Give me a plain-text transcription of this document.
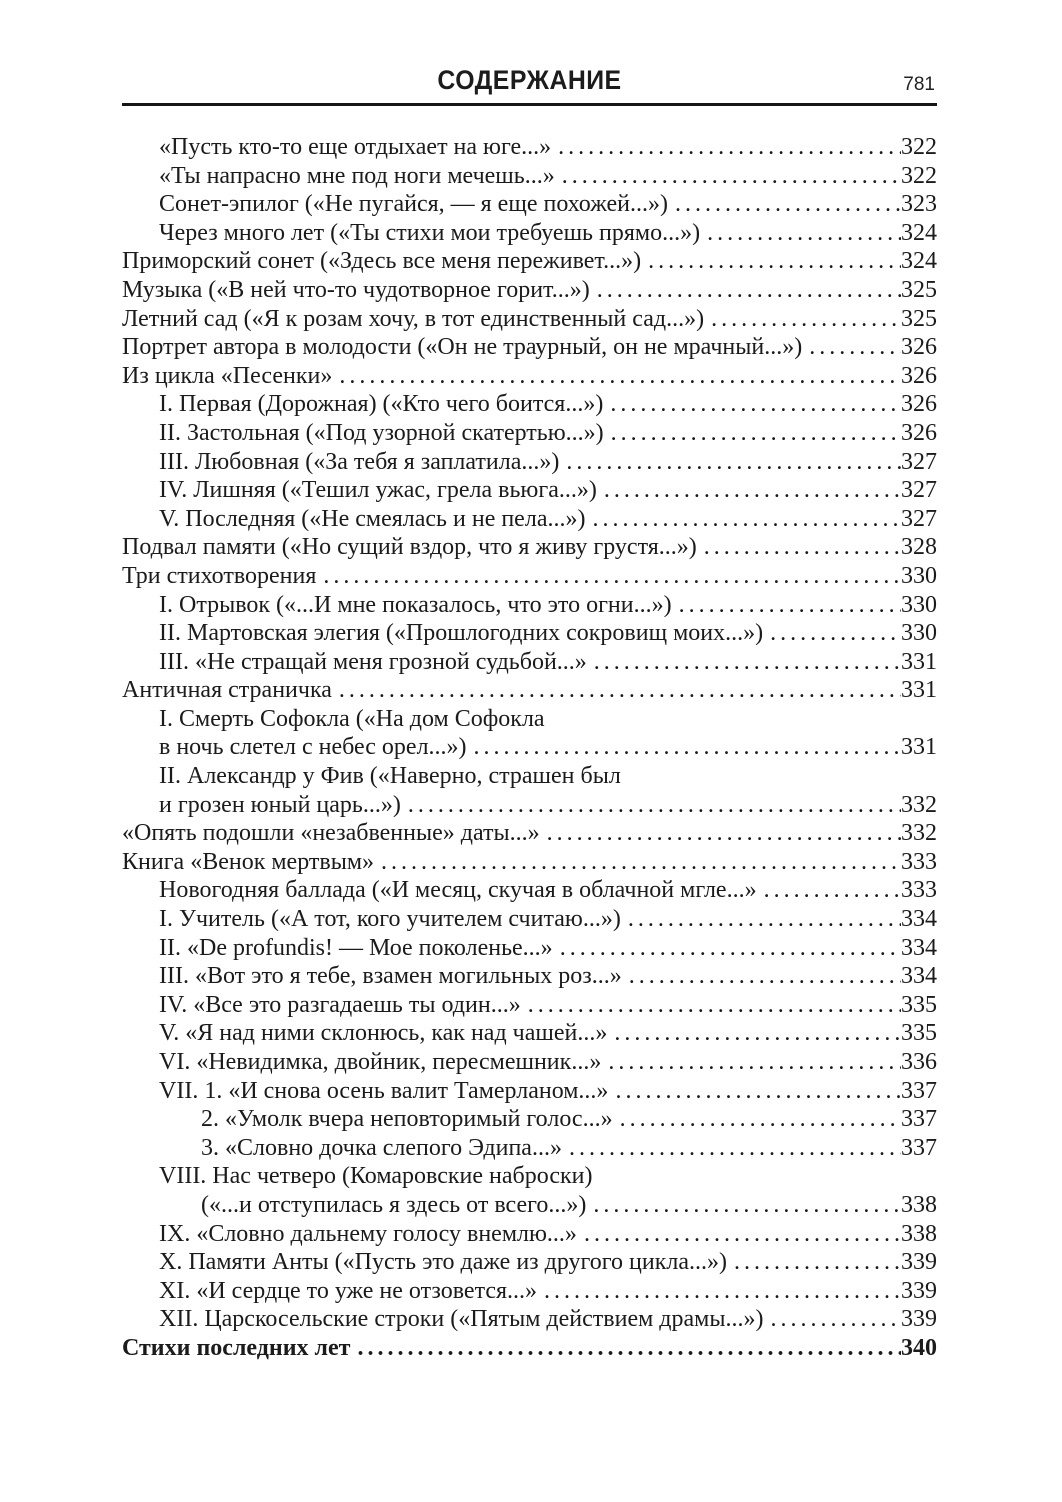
СОДЕРЖАНИЕ	781
«Пусть кто-то еще отдыхает на юге...» .....	322
«Ты напрасно мне под ноги мечешь...» .....	322
Сонет-эпилог («Не пугайся, — я еще похожей...») .....	323
Через много лет («Ты стихи мои требуешь прямо...») .....	324
Приморский сонет («Здесь все меня переживет...») .....	324
Музыка («В ней что-то чудотворное горит...») .....	325
Летний сад («Я к розам хочу, в тот единственный сад...») .....	325
Портрет автора в молодости («Он не траурный, он не мрачный...») .....	326
Из цикла «Песенки» .....	326
I. Первая (Дорожная) («Кто чего боится...») .....	326
II. Застольная («Под узорной скатертью...») .....	326
III. Любовная («За тебя я заплатила...») .....	327
IV. Лишняя («Тешил ужас, грела вьюга...») .....	327
V. Последняя («Не смеялась и не пела...») .....	327
Подвал памяти («Но сущий вздор, что я живу грустя...») .....	328
Три стихотворения .....	330
I. Отрывок («...И мне показалось, что это огни...») .....	330
II. Мартовская элегия («Прошлогодних сокровищ моих...») .....	330
III. «Не стращай меня грозной судьбой...» .....	331
Античная страничка .....	331
I. Смерть Софокла («На дом Софокла
в ночь слетел с небес орел...») .....	331
II. Александр у Фив («Наверно, страшен был
и грозен юный царь...») .....	332
«Опять подошли «незабвенные» даты...» .....	332
Книга «Венок мертвым» .....	333
Новогодняя баллада («И месяц, скучая в облачной мгле...» .....	333
I. Учитель («А тот, кого учителем считаю...») .....	334
II. «De profundis! — Мое поколенье...» .....	334
III. «Вот это я тебе, взамен могильных роз...» .....	334
IV. «Все это разгадаешь ты один...» .....	335
V. «Я над ними склонюсь, как над чашей...» .....	335
VI. «Невидимка, двойник, пересмешник...» .....	336
VII. 1. «И снова осень валит Тамерланом...» .....	337
2. «Умолк вчера неповторимый голос...» .....	337
3. «Словно дочка слепого Эдипа...» .....	337
VIII. Нас четверо (Комаровские наброски)
(«...и отступилась я здесь от всего...») .....	338
IX. «Словно дальнему голосу внемлю...» .....	338
X. Памяти Анты («Пусть это даже из другого цикла...») .....	339
XI. «И сердце то уже не отзовется...» .....	339
XII. Царскосельские строки («Пятым действием драмы...») .....	339
Стихи последних лет .....	340
